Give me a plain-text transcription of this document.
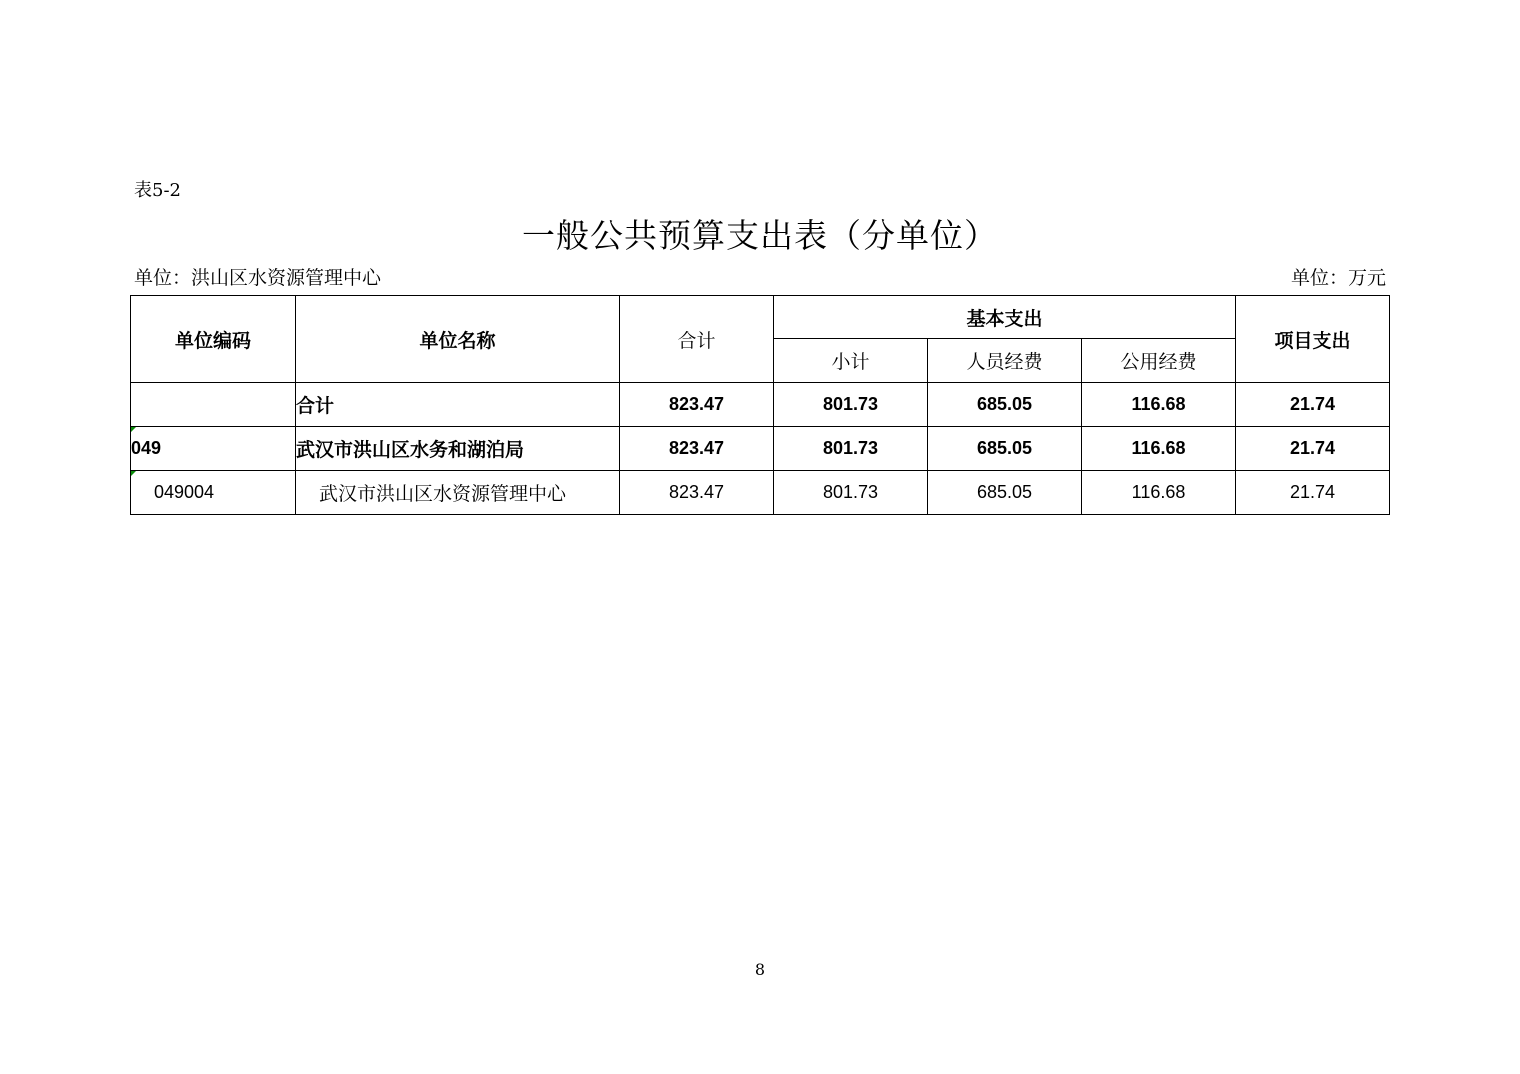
表5-2
一般公共预算支出表（分单位）
单位：洪山区水资源管理中心	单位：万元
单位编码	单位名称	合计	基本支出			项目支出
			小计	人员经费	公用经费	
	合计	823.47	801.73	685.05	116.68	21.74

049	武汉市洪山区水务和湖泊局	823.47	801.73	685.05	116.68	21.74

049004	武汉市洪山区水资源管理中心	823.47	801.73	685.05	116.68	21.74
8
